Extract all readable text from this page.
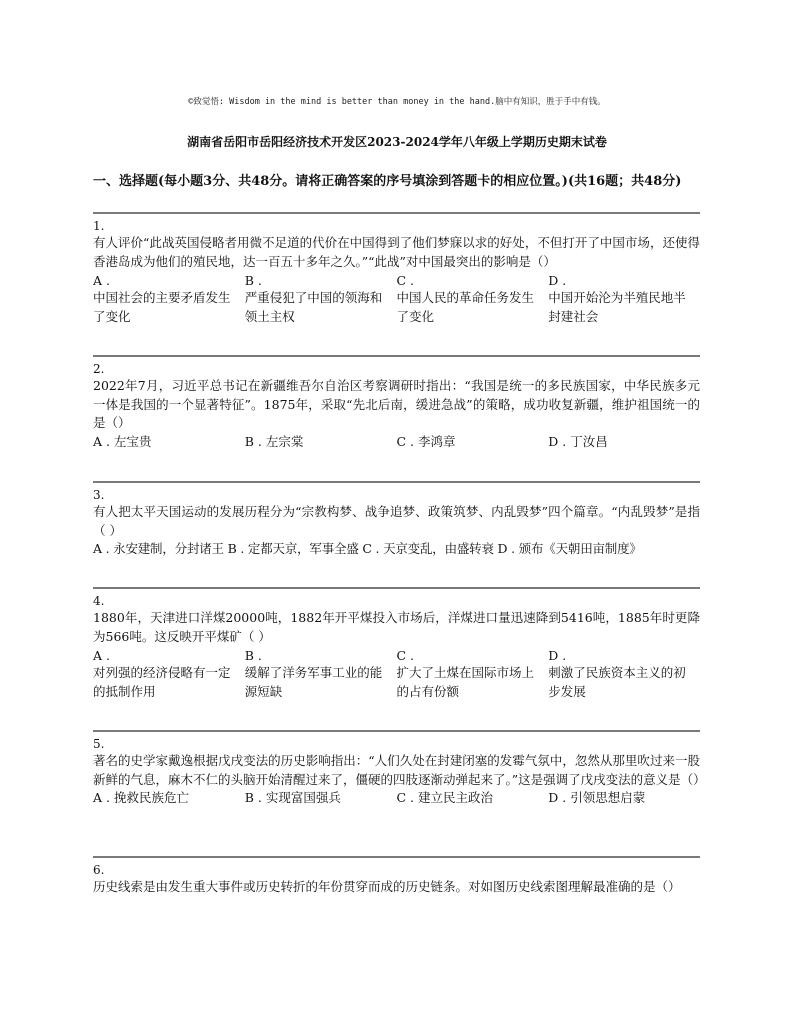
©致觉悟: Wisdom in the mind is better than money in the hand.脑中有知识，胜于手中有钱。
湖南省岳阳市岳阳经济技术开发区2023-2024学年八年级上学期历史期末试卷
一、选择题(每小题3分、共48分。请将正确答案的序号填涂到答题卡的相应位置。)(共16题；共48分)
1.
有人评价“此战英国侵略者用微不足道的代价在中国得到了他们梦寐以求的好处，不但打开了中国市场，还使得香港岛成为他们的殖民地，达一百五十多年之久。”“此战”对中国最突出的影响是（）
A .
中国社会的主要矛盾发生了变化
B .
严重侵犯了中国的领海和领土主权
C .
中国人民的革命任务发生了变化
D .
中国开始沦为半殖民地半封建社会
2.
2022年7月，习近平总书记在新疆维吾尔自治区考察调研时指出：“我国是统一的多民族国家，中华民族多元一体是我国的一个显著特征”。1875年，采取“先北后南，缓进急战”的策略，成功收复新疆，维护祖国统一的是（）
A . 左宝贵	B . 左宗棠	C . 李鸿章	D . 丁汝昌
3.
有人把太平天国运动的发展历程分为“宗教构梦、战争追梦、政策筑梦、内乱毁梦”四个篇章。“内乱毁梦”是指（ ）
A . 永安建制，分封诸王 B . 定都天京，军事全盛 C . 天京变乱，由盛转衰 D . 颁布《天朝田亩制度》
4.
1880年，天津进口洋煤20000吨，1882年开平煤投入市场后，洋煤进口量迅速降到5416吨，1885年时更降为566吨。这反映开平煤矿（ ）
A .
对列强的经济侵略有一定的抵制作用
B .
缓解了洋务军事工业的能源短缺
C .
扩大了土煤在国际市场上的占有份额
D .
刺激了民族资本主义的初步发展
5.
著名的史学家戴逸根据戊戌变法的历史影响指出：“人们久处在封建闭塞的发霉气氛中，忽然从那里吹过来一股新鲜的气息，麻木不仁的头脑开始清醒过来了，僵硬的四肢逐渐动弹起来了。”这是强调了戊戌变法的意义是（）
A . 挽救民族危亡	B . 实现富国强兵	C . 建立民主政治	D . 引领思想启蒙
6.
历史线索是由发生重大事件或历史转折的年份贯穿而成的历史链条。对如图历史线索图理解最准确的是（）
